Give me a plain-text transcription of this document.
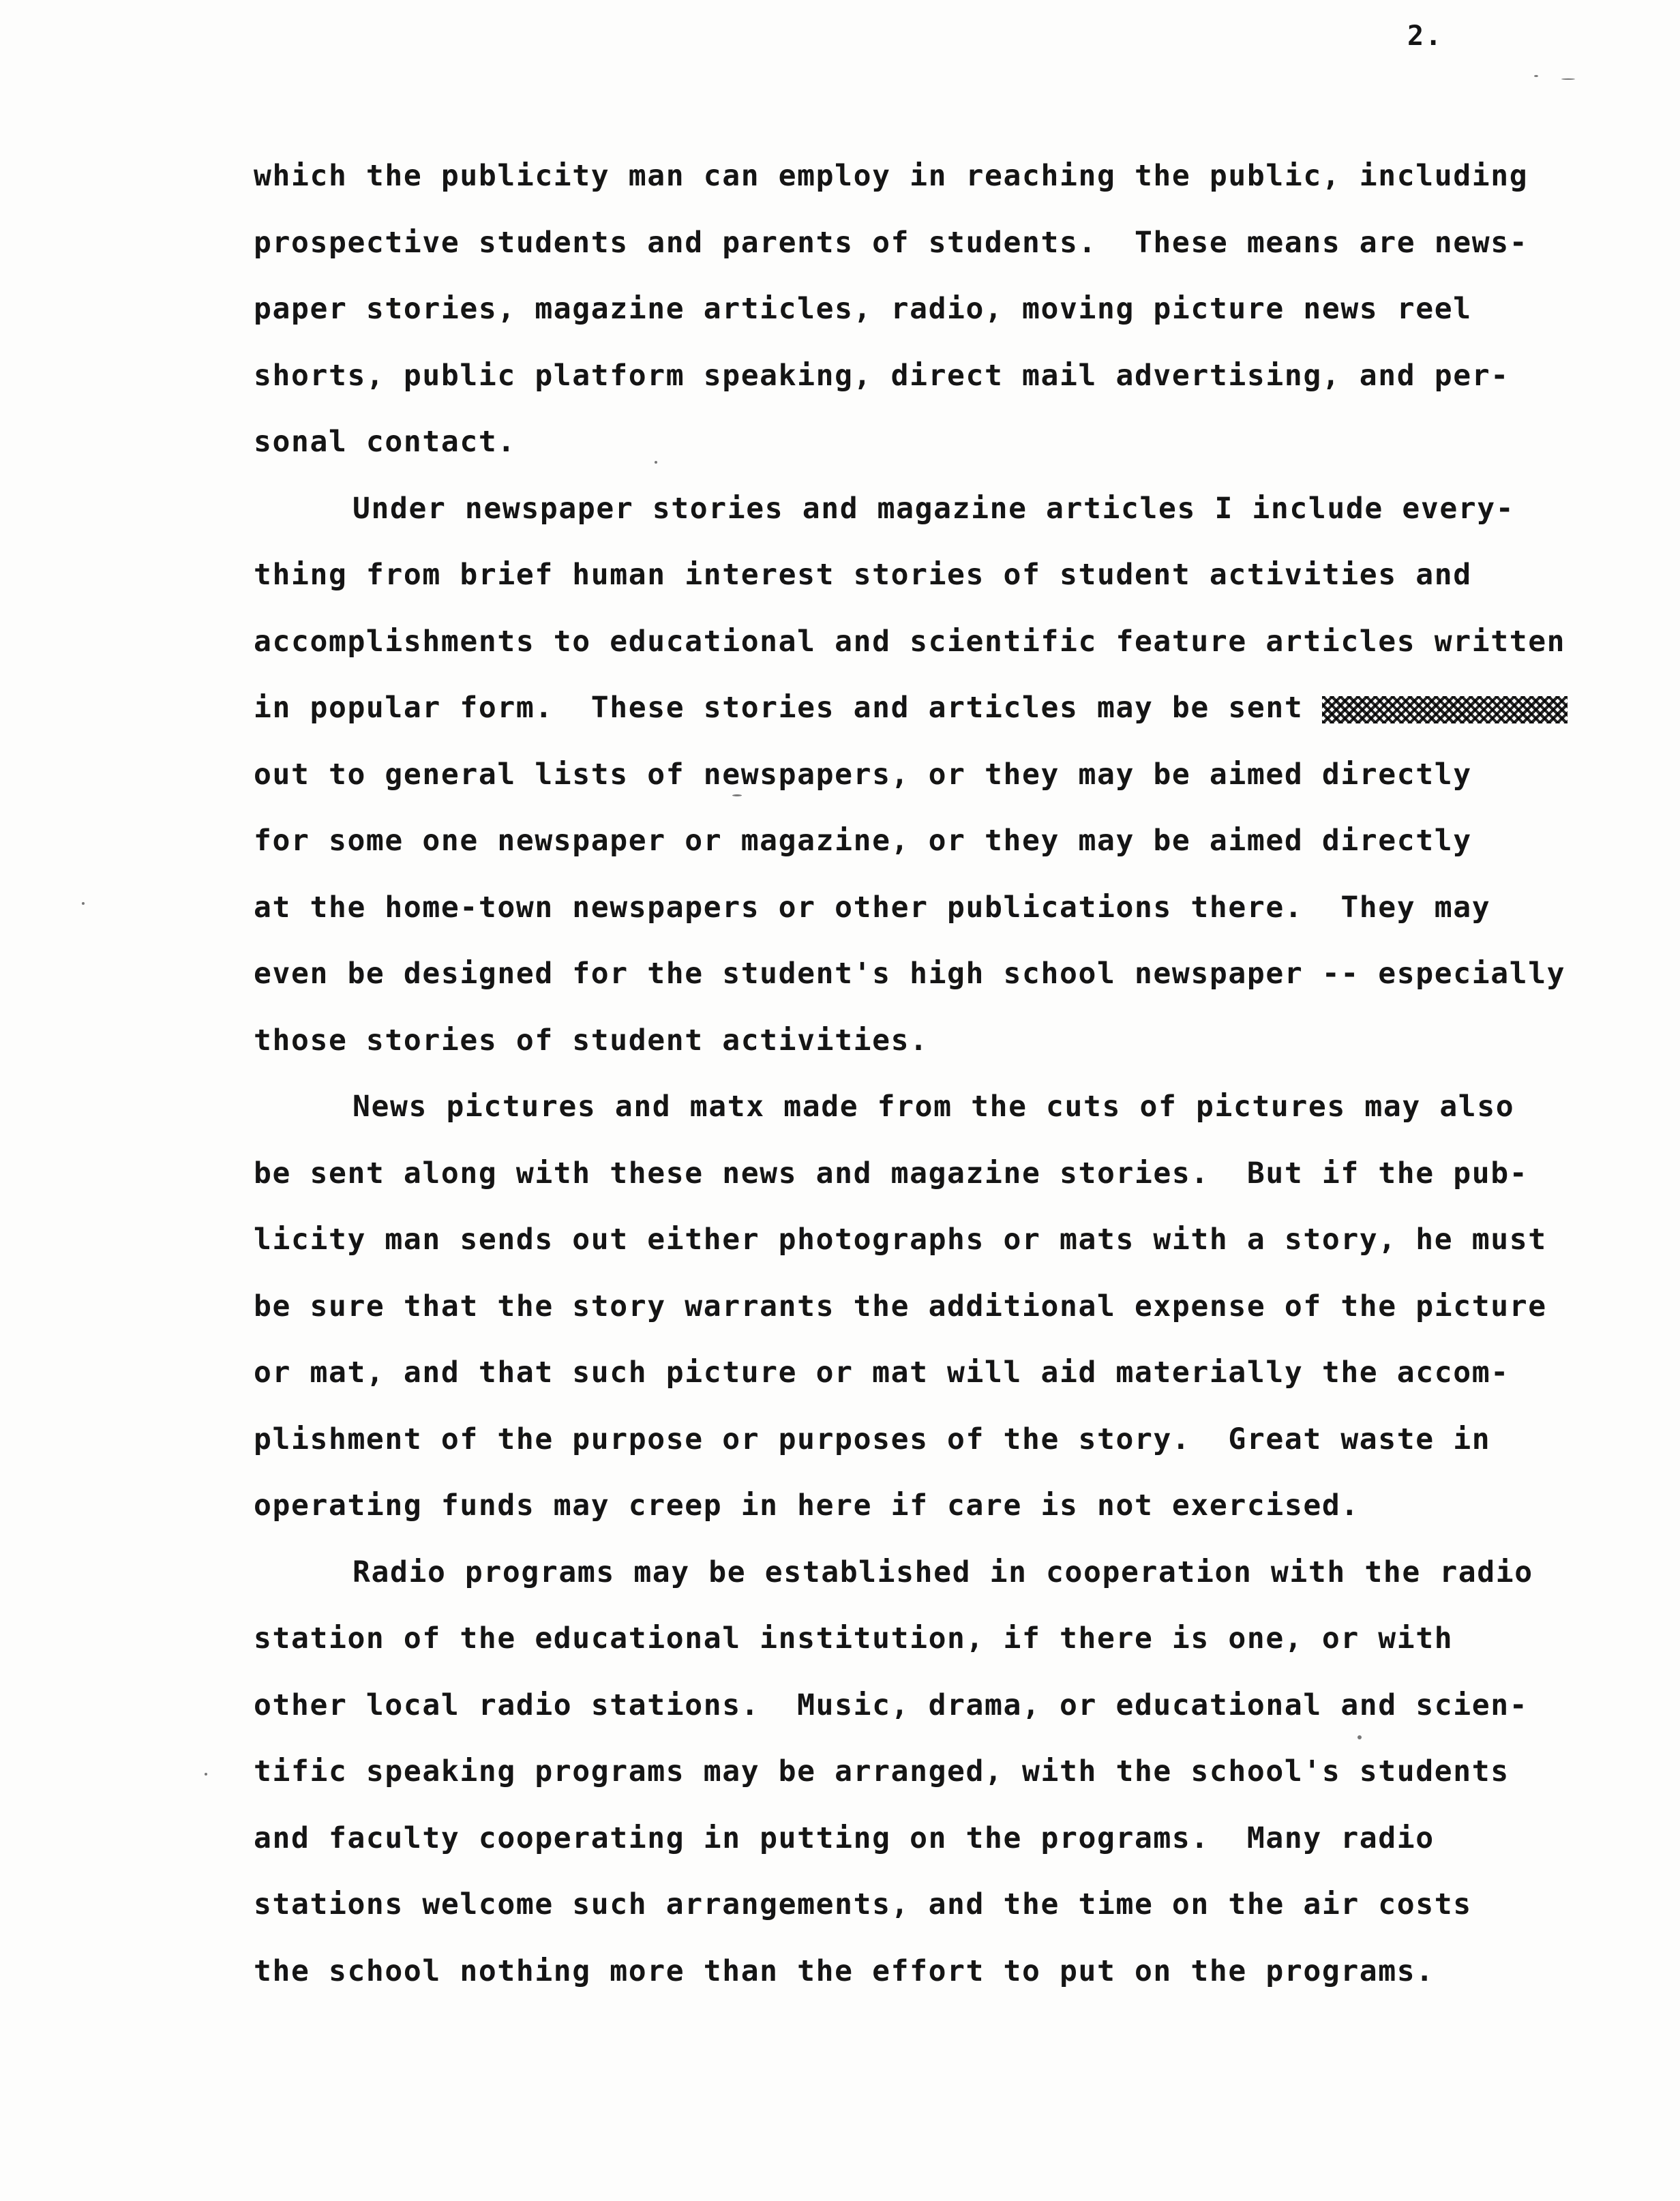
2.
which the publicity man can employ in reaching the public, including
prospective students and parents of students.  These means are news-
paper stories, magazine articles, radio, moving picture news reel
shorts, public platform speaking, direct mail advertising, and per-
sonal contact.
Under newspaper stories and magazine articles I include every-
thing from brief human interest stories of student activities and
accomplishments to educational and scientific feature articles written
in popular form.  These stories and articles may be sent
out to general lists of newspapers, or they may be aimed directly
for some one newspaper or magazine, or they may be aimed directly
at the home-town newspapers or other publications there.  They may
even be designed for the student's high school newspaper -- especially
those stories of student activities.
News pictures and matx made from the cuts of pictures may also
be sent along with these news and magazine stories.  But if the pub-
licity man sends out either photographs or mats with a story, he must
be sure that the story warrants the additional expense of the picture
or mat, and that such picture or mat will aid materially the accom-
plishment of the purpose or purposes of the story.  Great waste in
operating funds may creep in here if care is not exercised.
Radio programs may be established in cooperation with the radio
station of the educational institution, if there is one, or with
other local radio stations.  Music, drama, or educational and scien-
tific speaking programs may be arranged, with the school's students
and faculty cooperating in putting on the programs.  Many radio
stations welcome such arrangements, and the time on the air costs
the school nothing more than the effort to put on the programs.
